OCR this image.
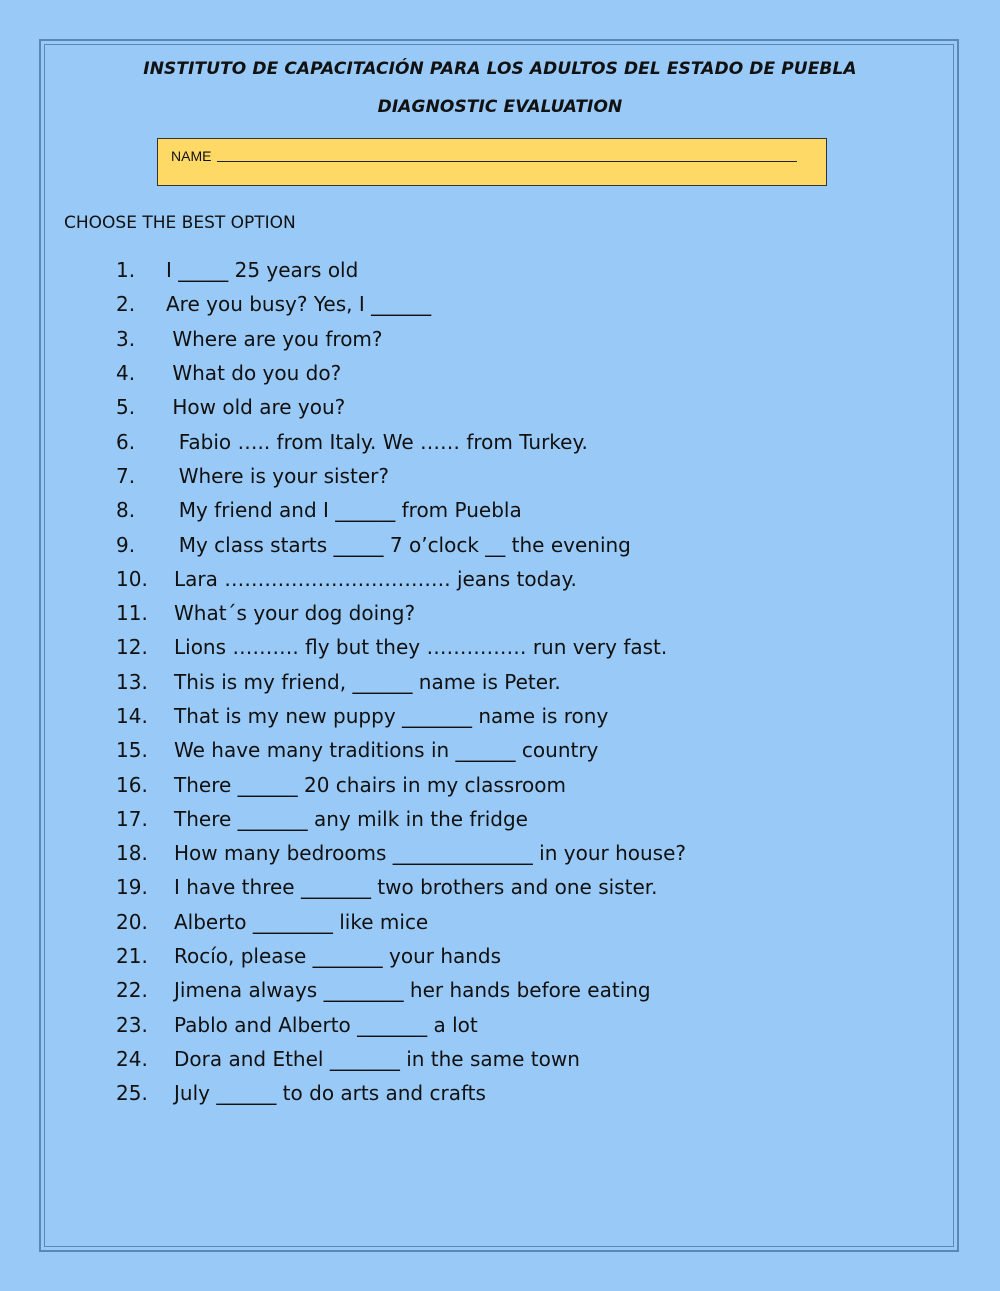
INSTITUTO DE CAPACITACIÓN PARA LOS ADULTOS DEL ESTADO DE PUEBLA
DIAGNOSTIC EVALUATION
NAME
CHOOSE THE BEST OPTION
1.	I _____ 25 years old
2.	Are you busy? Yes, I ______
3.	Where are you from?
4.	What do you do?
5.	How old are you?
6.	Fabio ….. from Italy. We …… from Turkey.
7.	Where is your sister?
8.	My friend and I ______ from Puebla
9.	My class starts _____ 7 o’clock __ the evening
10.	Lara ……………………………. jeans today.
11.	What´s your dog doing?
12.	Lions ………. fly but they …………… run very fast.
13.	This is my friend, ______ name is Peter.
14.	That is my new puppy _______ name is rony
15.	We have many traditions in ______ country
16.	There ______ 20 chairs in my classroom
17.	There _______ any milk in the fridge
18.	How many bedrooms ______________ in your house?
19.	I have three _______ two brothers and one sister.
20.	Alberto ________ like mice
21.	Rocío, please _______ your hands
22.	Jimena always ________ her hands before eating
23.	Pablo and Alberto _______ a lot
24.	Dora and Ethel _______ in the same town
25.	July ______ to do arts and crafts
